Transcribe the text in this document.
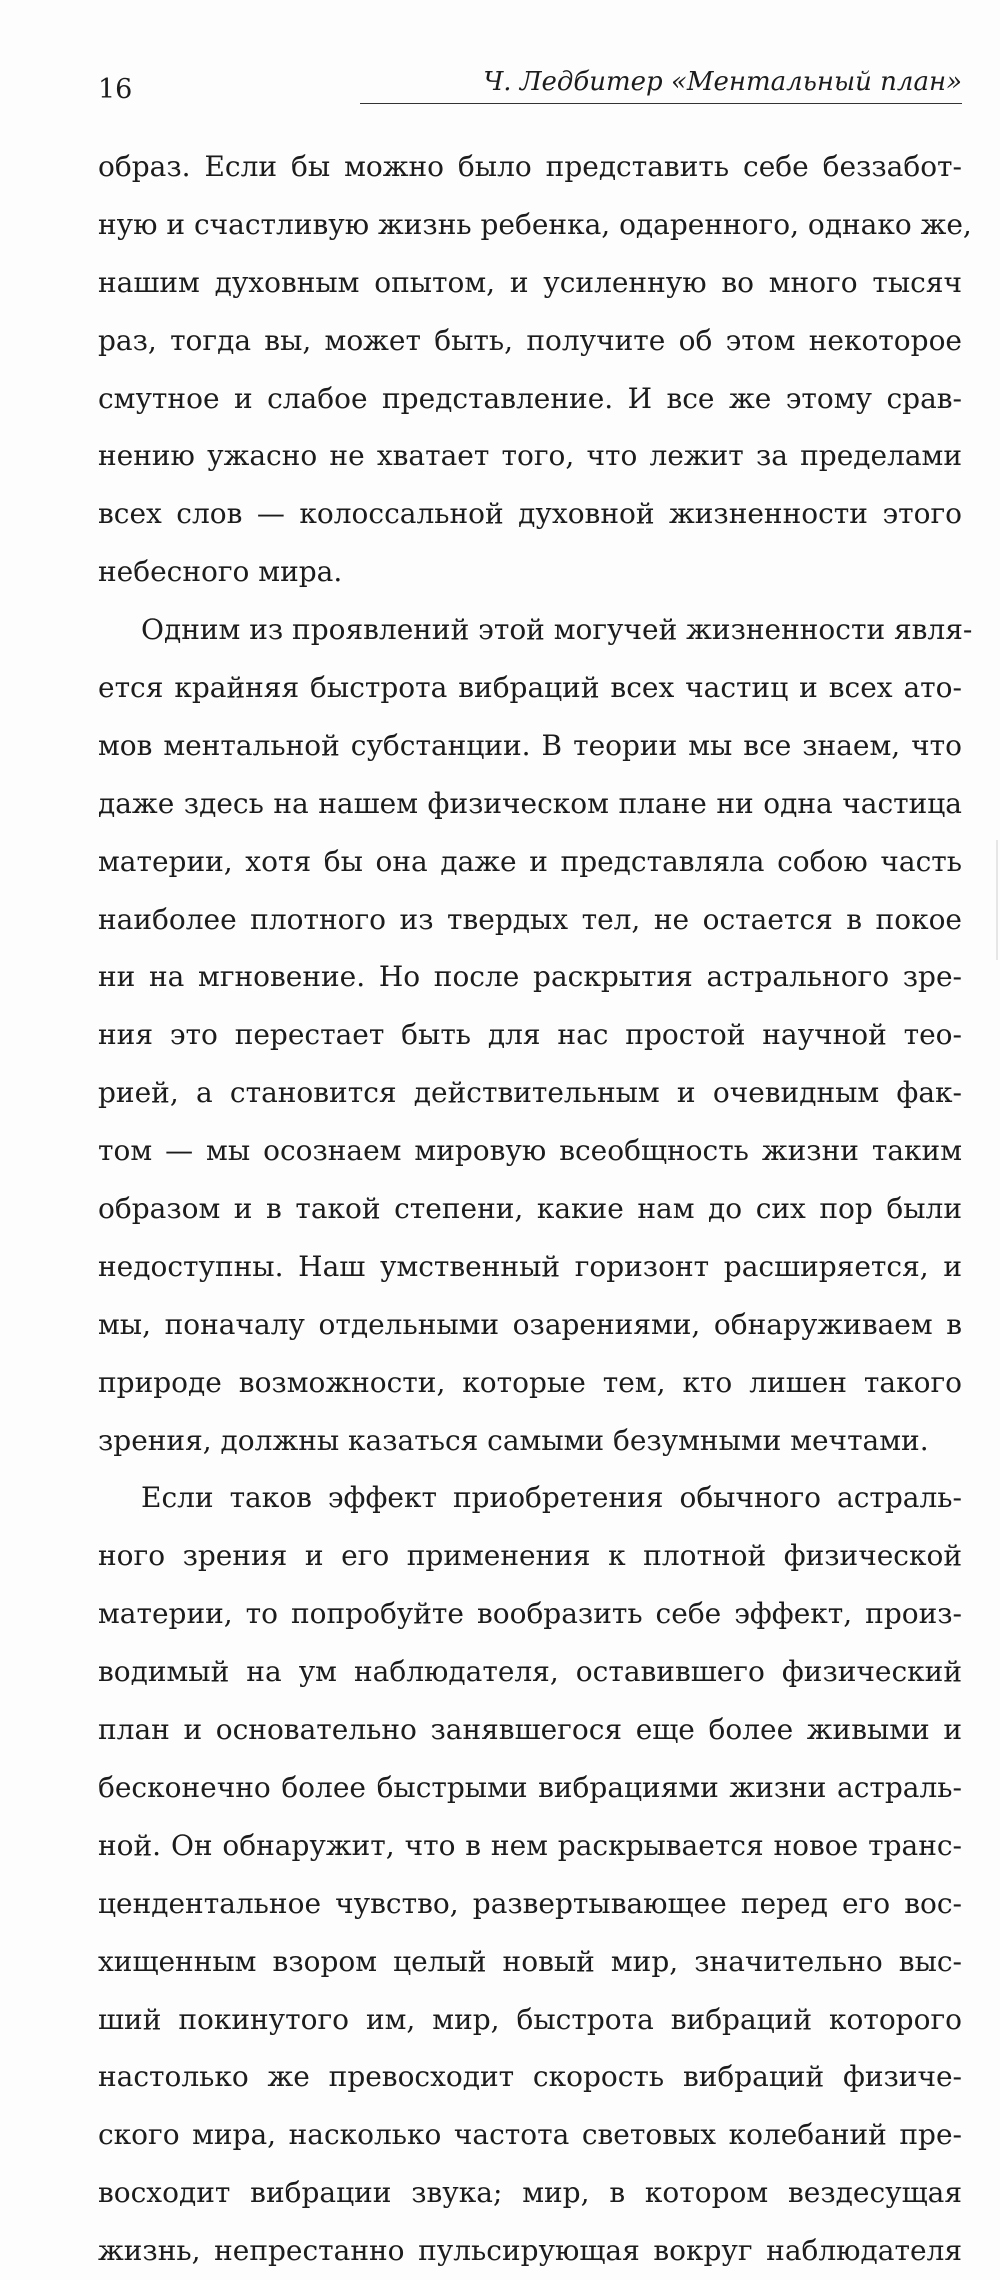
16	Ч. Ледбитер «Ментальный план»
образ. Если бы можно было представить себе беззабот-
ную и счастливую жизнь ребенка, одаренного, однако же,
нашим духовным опытом, и усиленную во много тысяч
раз, тогда вы, может быть, получите об этом некоторое
смутное и слабое представление. И все же этому срав-
нению ужасно не хватает того, что лежит за пределами
всех слов — колоссальной духовной жизненности этого
небесного мира.
Одним из проявлений этой могучей жизненности явля-
ется крайняя быстрота вибраций всех частиц и всех ато-
мов ментальной субстанции. В теории мы все знаем, что
даже здесь на нашем физическом плане ни одна частица
материи, хотя бы она даже и представляла собою часть
наиболее плотного из твердых тел, не остается в покое
ни на мгновение. Но после раскрытия астрального зре-
ния это перестает быть для нас простой научной тео-
рией, а становится действительным и очевидным фак-
том — мы осознаем мировую всеобщность жизни таким
образом и в такой степени, какие нам до сих пор были
недоступны. Наш умственный горизонт расширяется, и
мы, поначалу отдельными озарениями, обнаруживаем в
природе возможности, которые тем, кто лишен такого
зрения, должны казаться самыми безумными мечтами.
Если таков эффект приобретения обычного астраль-
ного зрения и его применения к плотной физической
материи, то попробуйте вообразить себе эффект, произ-
водимый на ум наблюдателя, оставившего физический
план и основательно занявшегося еще более живыми и
бесконечно более быстрыми вибрациями жизни астраль-
ной. Он обнаружит, что в нем раскрывается новое транс-
цендентальное чувство, развертывающее перед его вос-
хищенным взором целый новый мир, значительно выс-
ший покинутого им, мир, быстрота вибраций которого
настолько же превосходит скорость вибраций физиче-
ского мира, насколько частота световых колебаний пре-
восходит вибрации звука; мир, в котором вездесущая
жизнь, непрестанно пульсирующая вокруг наблюдателя
